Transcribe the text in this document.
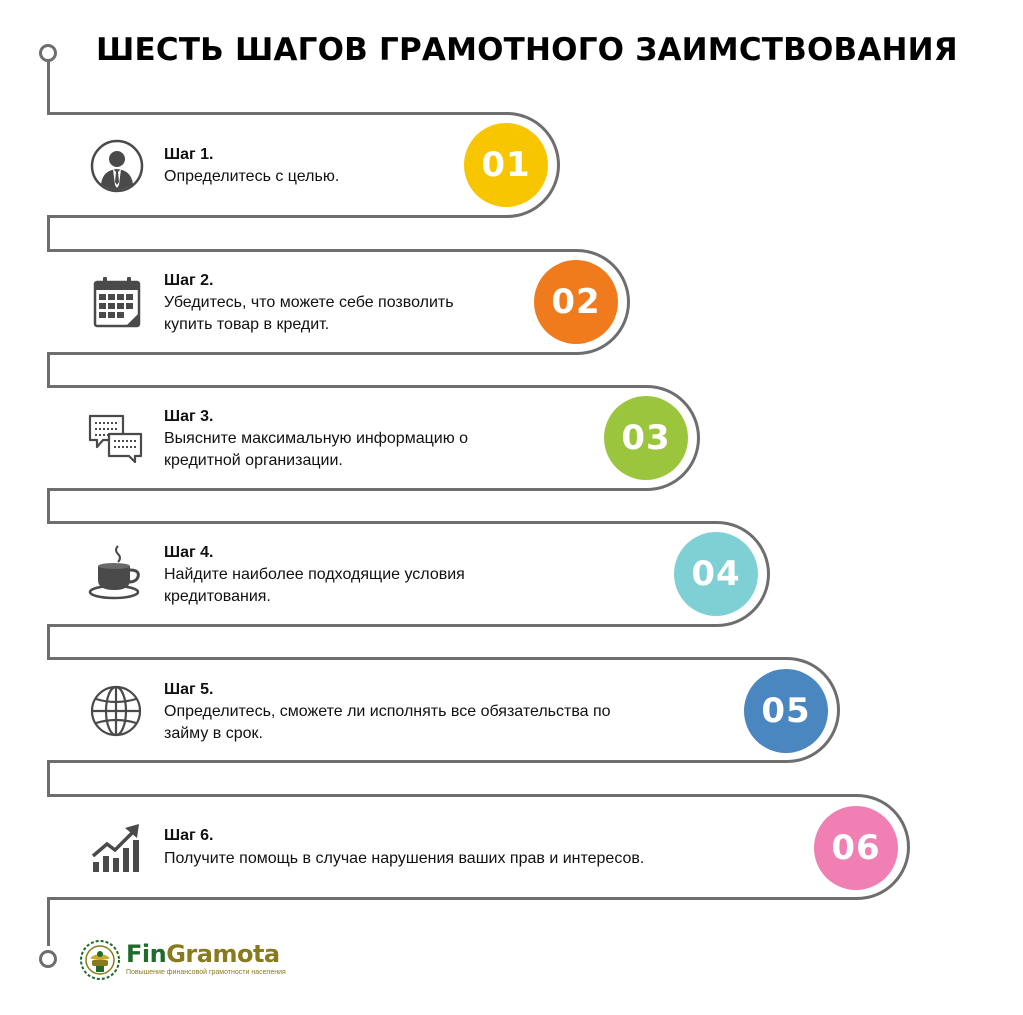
ШЕСТЬ ШАГОВ ГРАМОТНОГО ЗАИМСТВОВАНИЯ
Шаг 1.
Определитесь с целью.	01
Шаг 2.
Убедитесь, что можете себе позволить
купить товар в кредит.
02
Шаг 3.
Выясните максимальную информацию о
кредитной организации.
03
Шаг 4.
Найдите наиболее подходящие условия
кредитования.
04
Шаг 5.
Определитесь, сможете ли исполнять все обязательства по
займу в срок.
05
Шаг 6.
Получите помощь в случае нарушения ваших прав и интересов.	06
FinGramota
Повышение финансовой грамотности населения
